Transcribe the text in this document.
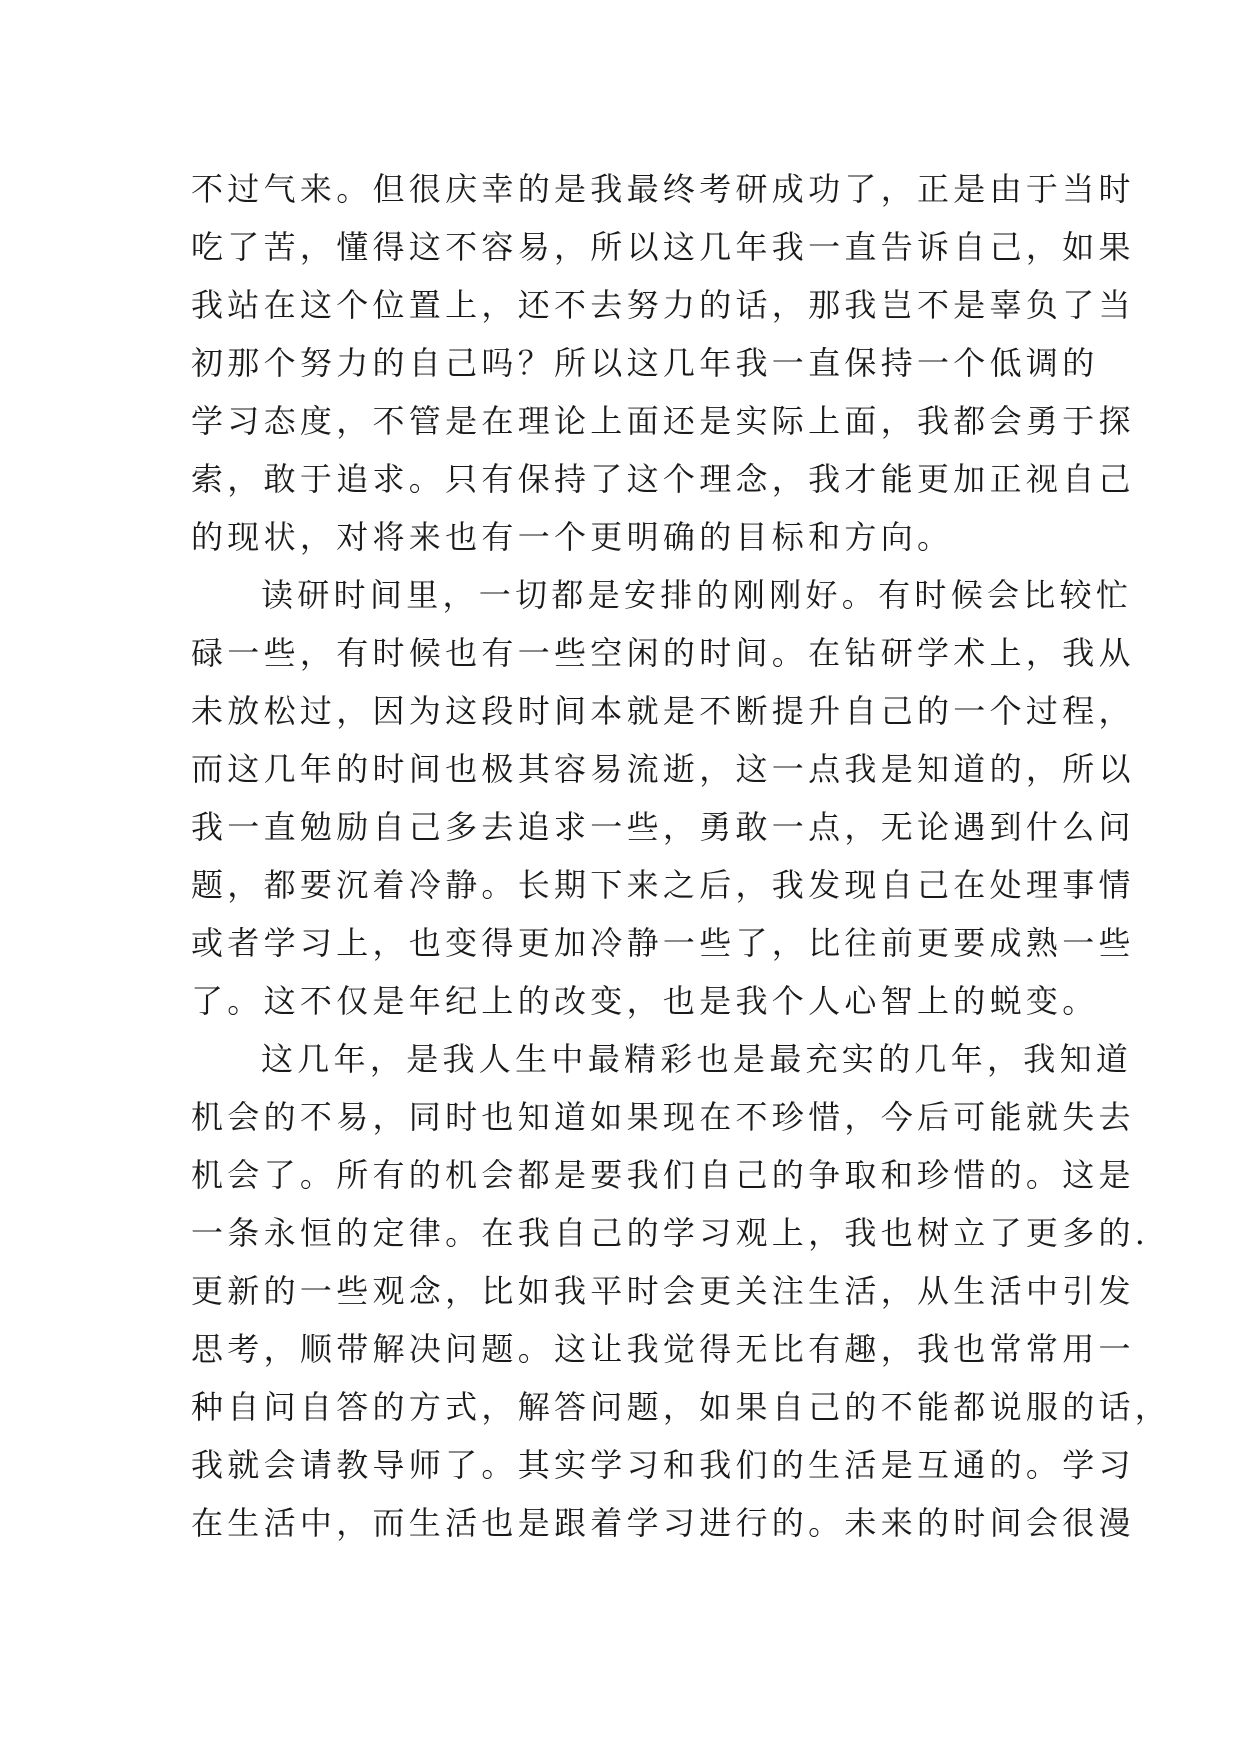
不过气来。但很庆幸的是我最终考研成功了，正是由于当时
吃了苦，懂得这不容易，所以这几年我一直告诉自己，如果
我站在这个位置上，还不去努力的话，那我岂不是辜负了当
初那个努力的自己吗？所以这几年我一直保持一个低调的
学习态度，不管是在理论上面还是实际上面，我都会勇于探
索，敢于追求。只有保持了这个理念，我才能更加正视自己
的现状，对将来也有一个更明确的目标和方向。
读研时间里，一切都是安排的刚刚好。有时候会比较忙
碌一些，有时候也有一些空闲的时间。在钻研学术上，我从
未放松过，因为这段时间本就是不断提升自己的一个过程，
而这几年的时间也极其容易流逝，这一点我是知道的，所以
我一直勉励自己多去追求一些，勇敢一点，无论遇到什么问
题，都要沉着冷静。长期下来之后，我发现自己在处理事情
或者学习上，也变得更加冷静一些了，比往前更要成熟一些
了。这不仅是年纪上的改变，也是我个人心智上的蜕变。
这几年，是我人生中最精彩也是最充实的几年，我知道
机会的不易，同时也知道如果现在不珍惜，今后可能就失去
机会了。所有的机会都是要我们自己的争取和珍惜的。这是
一条永恒的定律。在我自己的学习观上，我也树立了更多的.
更新的一些观念，比如我平时会更关注生活，从生活中引发
思考，顺带解决问题。这让我觉得无比有趣，我也常常用一
种自问自答的方式，解答问题，如果自己的不能都说服的话，
我就会请教导师了。其实学习和我们的生活是互通的。学习
在生活中，而生活也是跟着学习进行的。未来的时间会很漫
